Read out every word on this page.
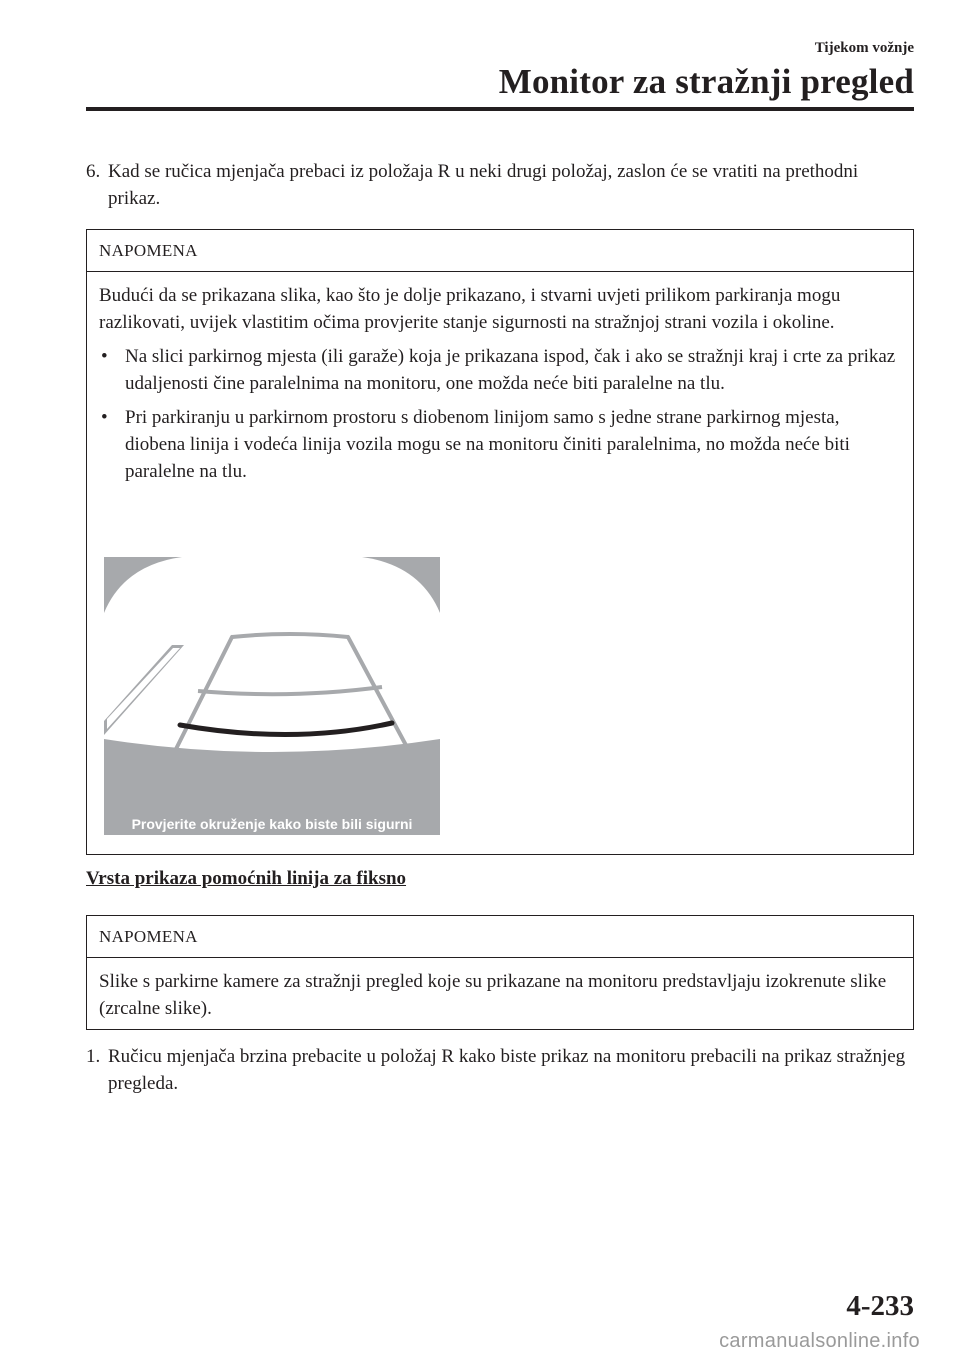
Tijekom vožnje
Monitor za stražnji pregled
6. Kad se ručica mjenjača prebaci iz položaja R u neki drugi položaj, zaslon će se vratiti na prethodni prikaz.
NAPOMENA

Budući da se prikazana slika, kao što je dolje prikazano, i stvarni uvjeti prilikom parkiranja mogu razlikovati, uvijek vlastitim očima provjerite stanje sigurnosti na stražnjoj strani vozila i okoline.

• Na slici parkirnog mjesta (ili garaže) koja je prikazana ispod, čak i ako se stražnji kraj i crte za prikaz udaljenosti čine paralelnima na monitoru, one možda neće biti paralelne na tlu.
• Pri parkiranju u parkirnom prostoru s diobenom linijom samo s jedne strane parkirnog mjesta, diobena linija i vodeća linija vozila mogu se na monitoru činiti paralelnima, no možda neće biti paralelne na tlu.
Provjerite okruženje kako biste bili sigurni
Vrsta prikaza pomoćnih linija za fiksno
NAPOMENA

Slike s parkirne kamere za stražnji pregled koje su prikazane na monitoru predstavljaju izokrenute slike (zrcalne slike).

1. Ručicu mjenjača brzina prebacite u položaj R kako biste prikaz na monitoru prebacili na prikaz stražnjeg pregleda.
4-233
carmanualsonline.info
